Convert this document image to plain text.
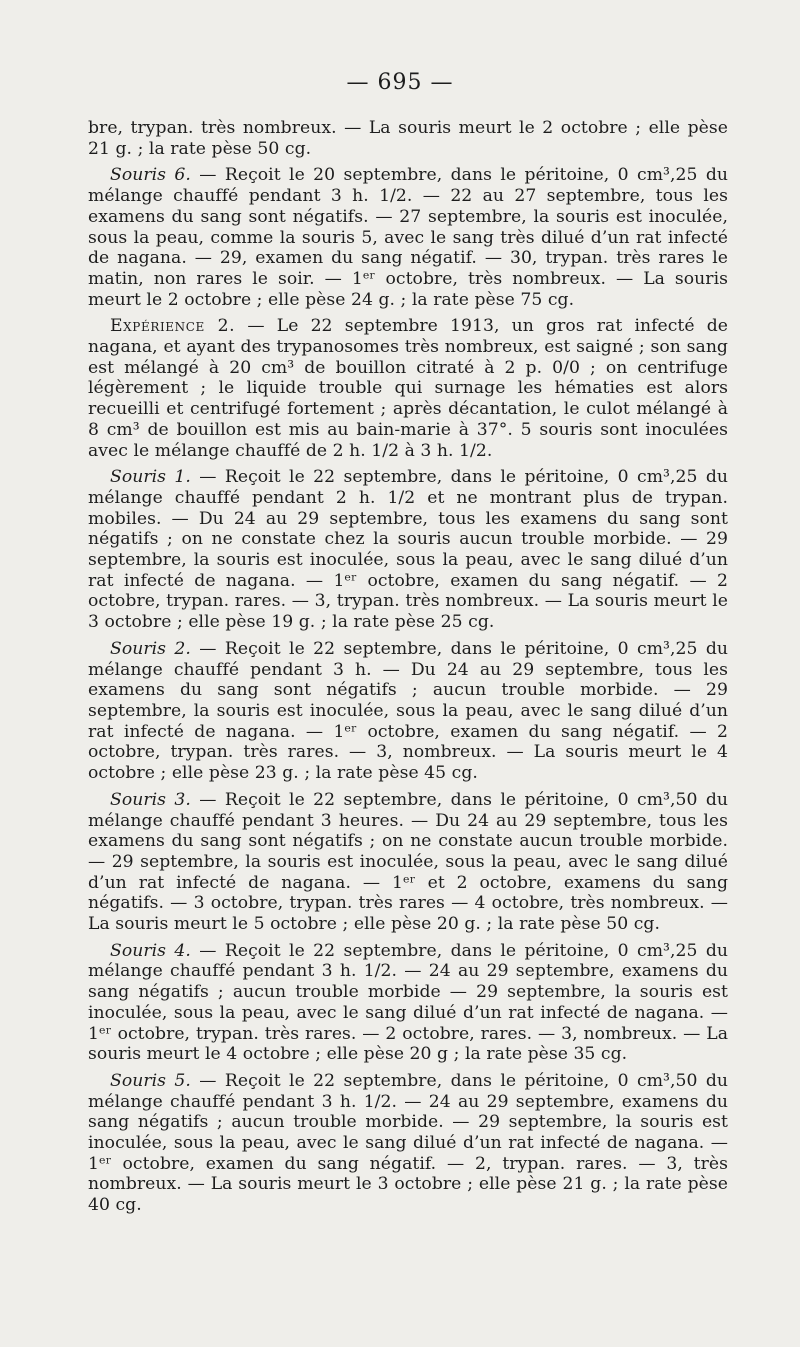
— 695 —

bre, trypan. très nombreux. — La souris meurt le 2 octobre ; elle pèse 21 g. ; la rate pèse 50 cg.

Souris 6. — Reçoit le 20 septembre, dans le péritoine, 0 cm³,25 du mélange chauffé pendant 3 h. 1/2. — 22 au 27 septembre, tous les examens du sang sont négatifs. — 27 septembre, la souris est inoculée, sous la peau, comme la souris 5, avec le sang très dilué d’un rat infecté de nagana. — 29, examen du sang négatif. — 30, trypan. très rares le matin, non rares le soir. — 1ᵉʳ octobre, très nombreux. — La souris meurt le 2 octobre ; elle pèse 24 g. ; la rate pèse 75 cg.

Expérience 2. — Le 22 septembre 1913, un gros rat infecté de nagana, et ayant des trypanosomes très nombreux, est saigné ; son sang est mélangé à 20 cm³ de bouillon citraté à 2 p. 0/0 ; on centrifuge légèrement ; le liquide trouble qui surnage les hématies est alors recueilli et centrifugé fortement ; après décantation, le culot mélangé à 8 cm³ de bouillon est mis au bain-marie à 37°. 5 souris sont inoculées avec le mélange chauffé de 2 h. 1/2 à 3 h. 1/2.

Souris 1. — Reçoit le 22 septembre, dans le péritoine, 0 cm³,25 du mélange chauffé pendant 2 h. 1/2 et ne montrant plus de trypan. mobiles. — Du 24 au 29 septembre, tous les examens du sang sont négatifs ; on ne constate chez la souris aucun trouble morbide. — 29 septembre, la souris est inoculée, sous la peau, avec le sang dilué d’un rat infecté de nagana. — 1ᵉʳ octobre, examen du sang négatif. — 2 octobre, trypan. rares. — 3, trypan. très nombreux. — La souris meurt le 3 octobre ; elle pèse 19 g. ; la rate pèse 25 cg.

Souris 2. — Reçoit le 22 septembre, dans le péritoine, 0 cm³,25 du mélange chauffé pendant 3 h. — Du 24 au 29 septembre, tous les examens du sang sont négatifs ; aucun trouble morbide. — 29 septembre, la souris est inoculée, sous la peau, avec le sang dilué d’un rat infecté de nagana. — 1ᵉʳ octobre, examen du sang négatif. — 2 octobre, trypan. très rares. — 3, nombreux. — La souris meurt le 4 octobre ; elle pèse 23 g. ; la rate pèse 45 cg.

Souris 3. — Reçoit le 22 septembre, dans le péritoine, 0 cm³,50 du mélange chauffé pendant 3 heures. — Du 24 au 29 septembre, tous les examens du sang sont négatifs ; on ne constate aucun trouble morbide. — 29 septembre, la souris est inoculée, sous la peau, avec le sang dilué d’un rat infecté de nagana. — 1ᵉʳ et 2 octobre, examens du sang négatifs. — 3 octobre, trypan. très rares — 4 octobre, très nombreux. — La souris meurt le 5 octobre ; elle pèse 20 g. ; la rate pèse 50 cg.

Souris 4. — Reçoit le 22 septembre, dans le péritoine, 0 cm³,25 du mélange chauffé pendant 3 h. 1/2. — 24 au 29 septembre, examens du sang négatifs ; aucun trouble morbide — 29 septembre, la souris est inoculée, sous la peau, avec le sang dilué d’un rat infecté de nagana. — 1ᵉʳ octobre, trypan. très rares. — 2 octobre, rares. — 3, nombreux. — La souris meurt le 4 octobre ; elle pèse 20 g ; la rate pèse 35 cg.

Souris 5. — Reçoit le 22 septembre, dans le péritoine, 0 cm³,50 du mélange chauffé pendant 3 h. 1/2. — 24 au 29 septembre, examens du sang négatifs ; aucun trouble morbide. — 29 septembre, la souris est inoculée, sous la peau, avec le sang dilué d’un rat infecté de nagana. — 1ᵉʳ octobre, examen du sang négatif. — 2, trypan. rares. — 3, très nombreux. — La souris meurt le 3 octobre ; elle pèse 21 g. ; la rate pèse 40 cg.
